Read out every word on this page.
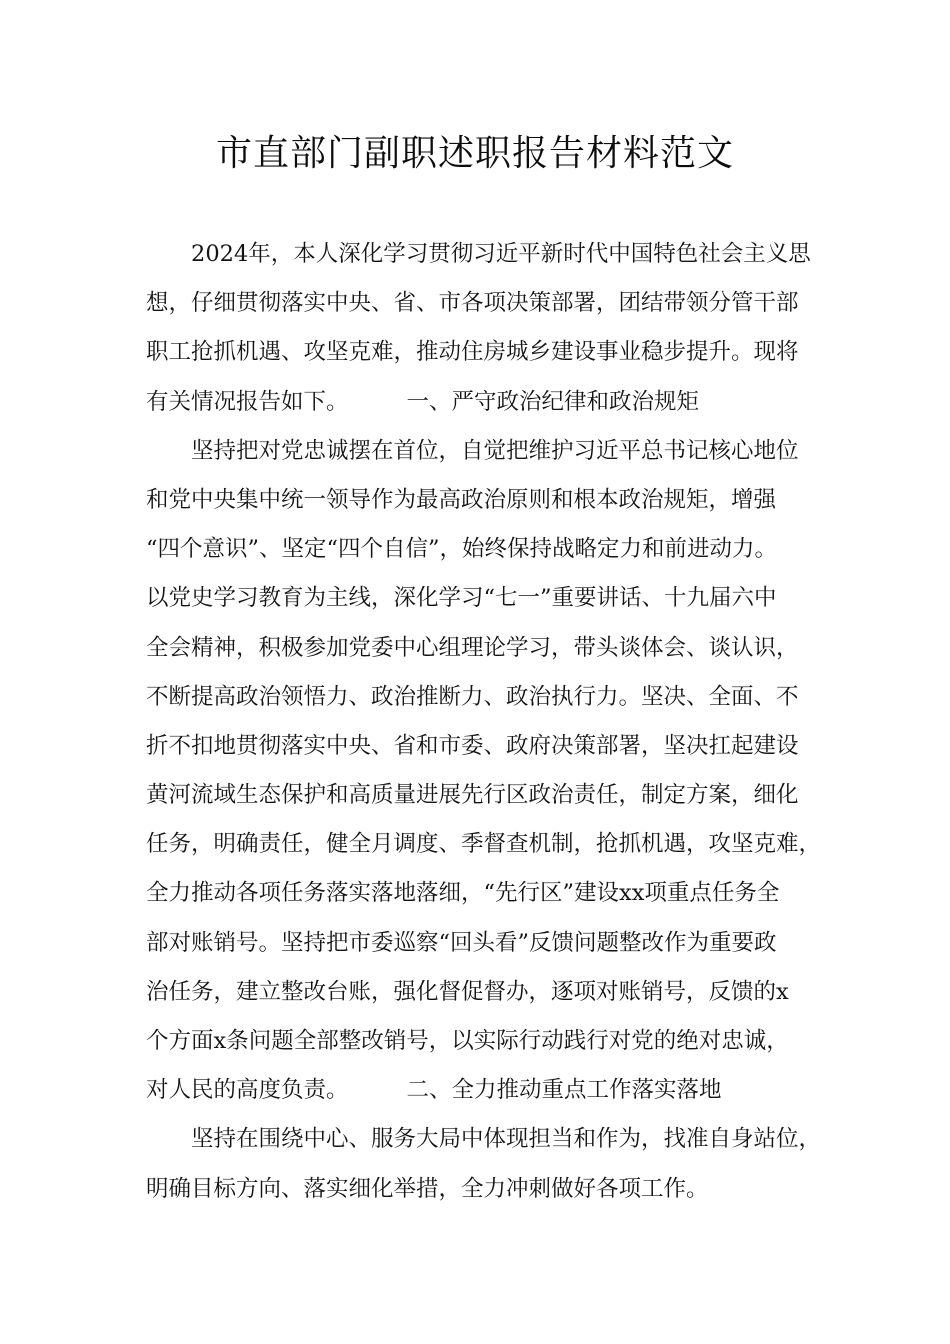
市直部门副职述职报告材料范文
2024年，本人深化学习贯彻习近平新时代中国特色社会主义思
想，仔细贯彻落实中央、省、市各项决策部署，团结带领分管干部
职工抢抓机遇、攻坚克难，推动住房城乡建设事业稳步提升。现将
有关情况报告如下。	一、严守政治纪律和政治规矩
坚持把对党忠诚摆在首位，自觉把维护习近平总书记核心地位
和党中央集中统一领导作为最高政治原则和根本政治规矩，增强
“四个意识”、坚定“四个自信”，始终保持战略定力和前进动力。
以党史学习教育为主线，深化学习“七一”重要讲话、十九届六中
全会精神，积极参加党委中心组理论学习，带头谈体会、谈认识，
不断提高政治领悟力、政治推断力、政治执行力。坚决、全面、不
折不扣地贯彻落实中央、省和市委、政府决策部署，坚决扛起建设
黄河流域生态保护和高质量进展先行区政治责任，制定方案，细化
任务，明确责任，健全月调度、季督查机制，抢抓机遇，攻坚克难，
全力推动各项任务落实落地落细，“先行区”建设xx项重点任务全
部对账销号。坚持把市委巡察“回头看”反馈问题整改作为重要政
治任务，建立整改台账，强化督促督办，逐项对账销号，反馈的x
个方面x条问题全部整改销号，以实际行动践行对党的绝对忠诚，
对人民的高度负责。	二、全力推动重点工作落实落地
坚持在围绕中心、服务大局中体现担当和作为，找准自身站位，
明确目标方向、落实细化举措，全力冲刺做好各项工作。
